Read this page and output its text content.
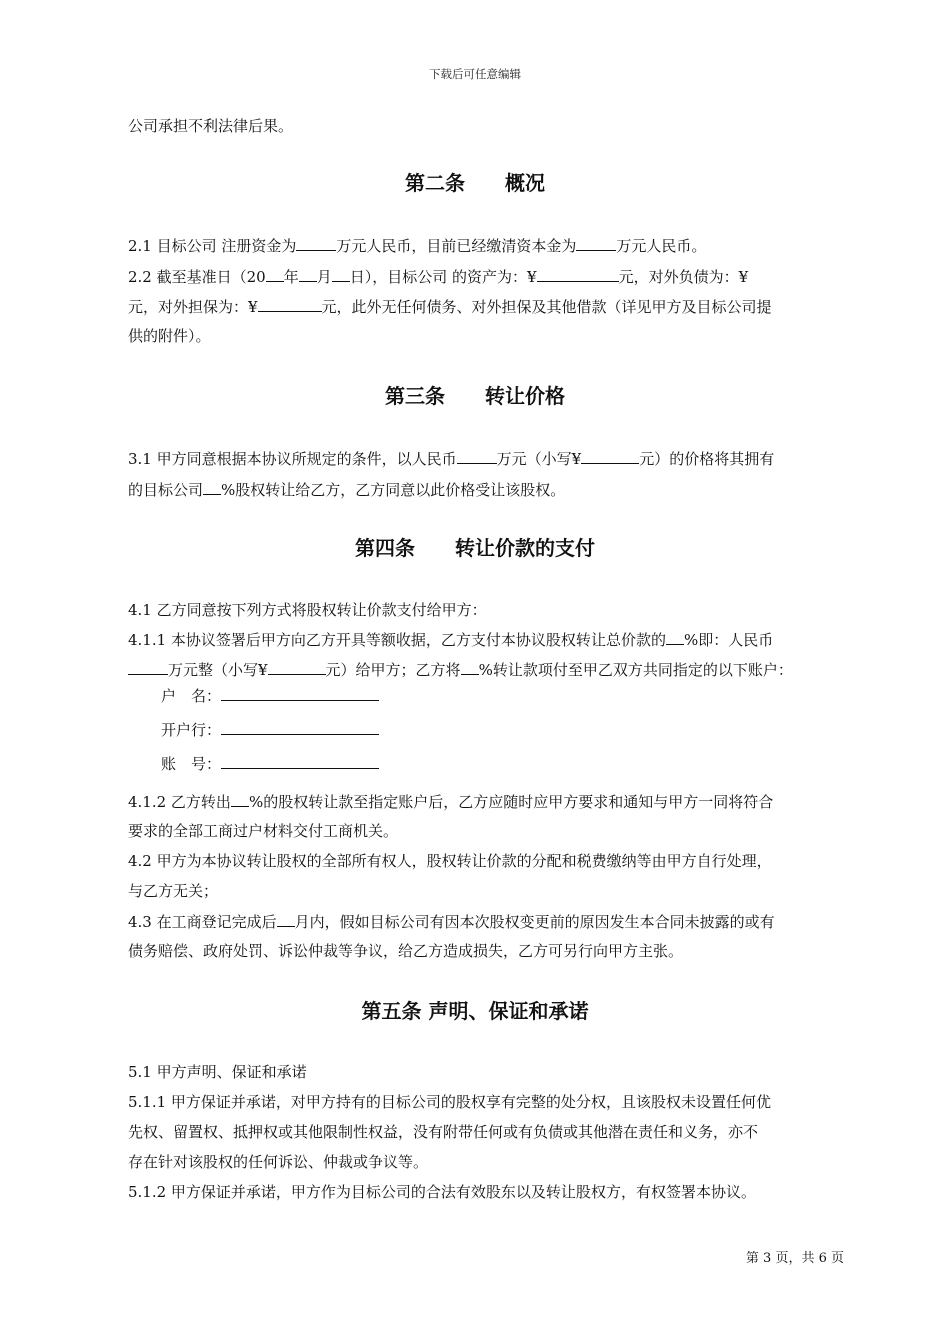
下载后可任意编辑
公司承担不利法律后果。
第二条　　概况
2.1 目标公司 注册资金为	万元人民币，目前已经缴清资本金为	万元人民币。
2.2 截至基准日（20 年 月 日），目标公司 的资产为：¥	元，对外负债为：¥
元，对外担保为：¥	元，此外无任何债务、对外担保及其他借款（详见甲方及目标公司提
供的附件）。
第三条　　转让价格
3.1 甲方同意根据本协议所规定的条件，以人民币	万元（小写¥	元）的价格将其拥有
的目标公司 %股权转让给乙方，乙方同意以此价格受让该股权。
第四条　　转让价款的支付
4.1 乙方同意按下列方式将股权转让价款支付给甲方：
4.1.1 本协议签署后甲方向乙方开具等额收据，乙方支付本协议股权转让总价款的 %即：人民币
万元整（小写¥	元）给甲方；乙方将 %转让款项付至甲乙双方共同指定的以下账户：
户　名：
开户行：
账　号：
4.1.2 乙方转出 %的股权转让款至指定账户后，乙方应随时应甲方要求和通知与甲方一同将符合
要求的全部工商过户材料交付工商机关。
4.2 甲方为本协议转让股权的全部所有权人，股权转让价款的分配和税费缴纳等由甲方自行处理，
与乙方无关；
4.3 在工商登记完成后 月内，假如目标公司有因本次股权变更前的原因发生本合同未披露的或有
债务赔偿、政府处罚、诉讼仲裁等争议，给乙方造成损失，乙方可另行向甲方主张。
第五条 声明、保证和承诺
5.1 甲方声明、保证和承诺
5.1.1 甲方保证并承诺，对甲方持有的目标公司的股权享有完整的处分权，且该股权未设置任何优
先权、留置权、抵押权或其他限制性权益，没有附带任何或有负债或其他潜在责任和义务，亦不
存在针对该股权的任何诉讼、仲裁或争议等。
5.1.2 甲方保证并承诺，甲方作为目标公司的合法有效股东以及转让股权方，有权签署本协议。
第 3 页，共 6 页
